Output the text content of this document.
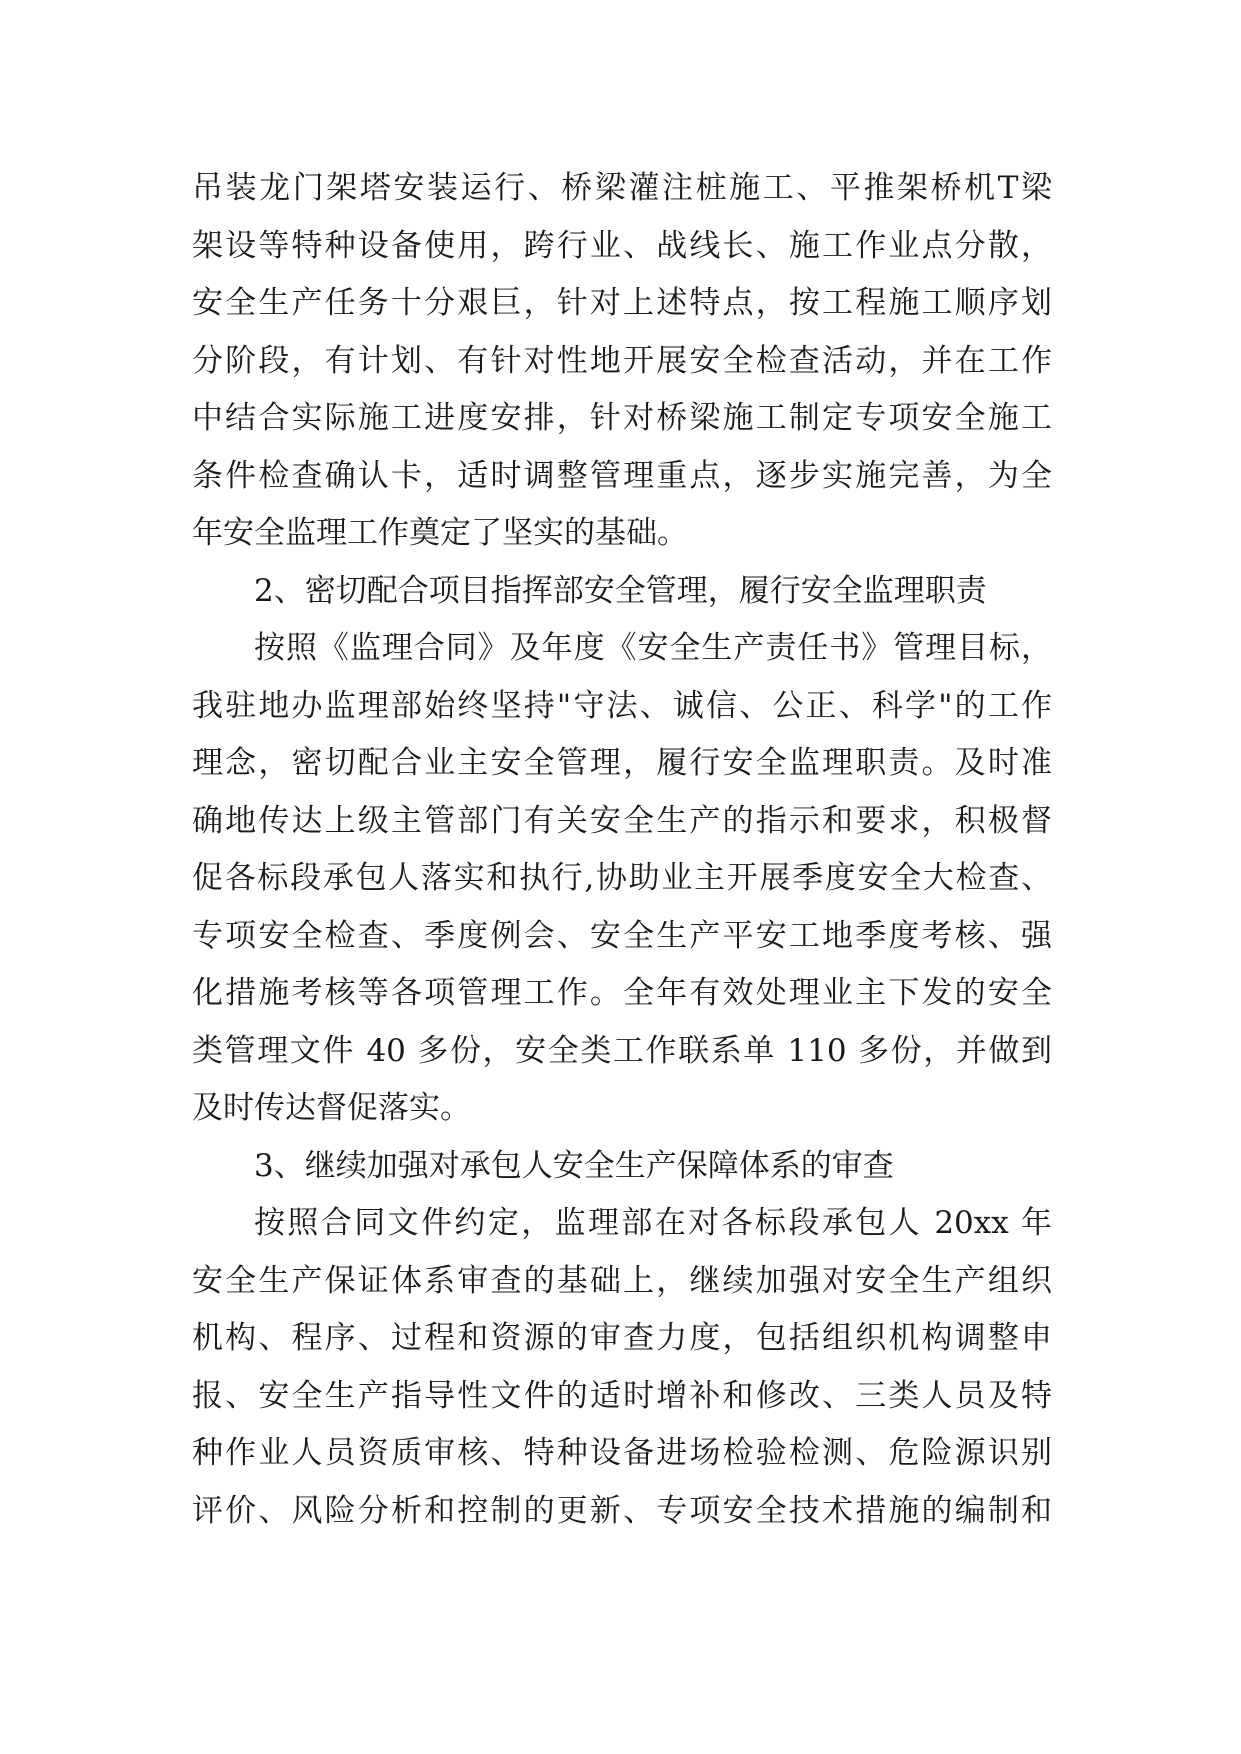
吊装龙门架塔安装运行、桥梁灌注桩施工、平推架桥机T梁
架设等特种设备使用，跨行业、战线长、施工作业点分散，
安全生产任务十分艰巨，针对上述特点，按工程施工顺序划
分阶段，有计划、有针对性地开展安全检查活动，并在工作
中结合实际施工进度安排，针对桥梁施工制定专项安全施工
条件检查确认卡，适时调整管理重点，逐步实施完善，为全
年安全监理工作奠定了坚实的基础。
2、密切配合项目指挥部安全管理，履行安全监理职责
按照《监理合同》及年度《安全生产责任书》管理目标，
我驻地办监理部始终坚持"守法、诚信、公正、科学"的工作
理念，密切配合业主安全管理，履行安全监理职责。及时准
确地传达上级主管部门有关安全生产的指示和要求，积极督
促各标段承包人落实和执行,协助业主开展季度安全大检查、
专项安全检查、季度例会、安全生产平安工地季度考核、强
化措施考核等各项管理工作。全年有效处理业主下发的安全
类管理文件 40 多份，安全类工作联系单 110 多份，并做到
及时传达督促落实。
3、继续加强对承包人安全生产保障体系的审查
按照合同文件约定，监理部在对各标段承包人 20xx 年
安全生产保证体系审查的基础上，继续加强对安全生产组织
机构、程序、过程和资源的审查力度，包括组织机构调整申
报、安全生产指导性文件的适时增补和修改、三类人员及特
种作业人员资质审核、特种设备进场检验检测、危险源识别
评价、风险分析和控制的更新、专项安全技术措施的编制和
